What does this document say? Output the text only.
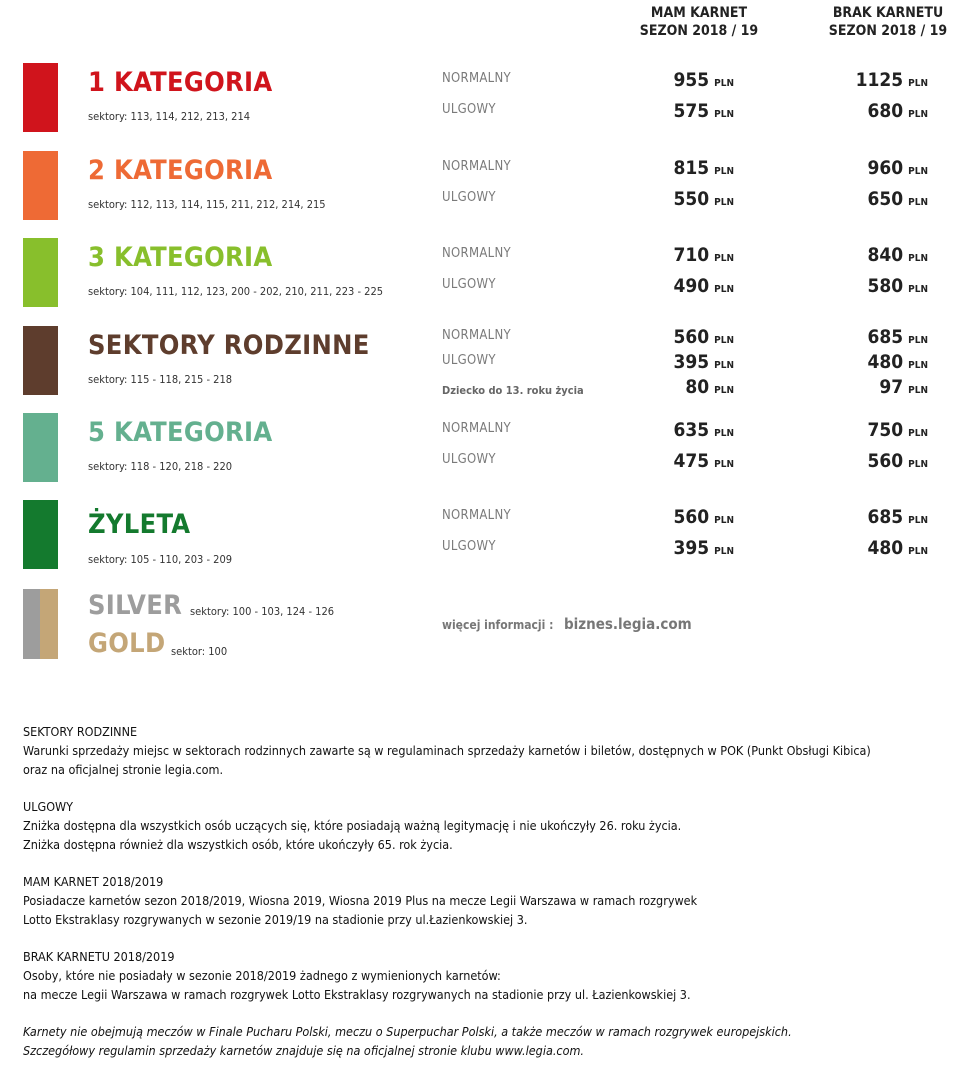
MAM KARNET
SEZON 2018 / 19
BRAK KARNETU
SEZON 2018 / 19
1 KATEGORIA
sektory: 113, 114, 212, 213, 214
NORMALNY	955 PLN	1125 PLN
ULGOWY	575 PLN	680 PLN
2 KATEGORIA
sektory: 112, 113, 114, 115, 211, 212, 214, 215
NORMALNY	815 PLN	960 PLN
ULGOWY	550 PLN	650 PLN
3 KATEGORIA
sektory: 104, 111, 112, 123, 200 - 202, 210, 211, 223 - 225
NORMALNY	710 PLN	840 PLN
ULGOWY	490 PLN	580 PLN
SEKTORY RODZINNE
sektory: 115 - 118, 215 - 218
NORMALNY	560 PLN	685 PLN
ULGOWY	395 PLN	480 PLN
Dziecko do 13. roku życia	80 PLN	97 PLN
5 KATEGORIA
sektory: 118 - 120, 218 - 220
NORMALNY	635 PLN	750 PLN
ULGOWY	475 PLN	560 PLN
ŻYLETA
sektory: 105 - 110, 203 - 209
NORMALNY	560 PLN	685 PLN
ULGOWY	395 PLN	480 PLN
SILVER sektory: 100 - 103, 124 - 126
GOLD sektor: 100
więcej informacji : biznes.legia.com

SEKTORY RODZINNE
Warunki sprzedaży miejsc w sektorach rodzinnych zawarte są w regulaminach sprzedaży karnetów i biletów, dostępnych w POK (Punkt Obsługi Kibica)
oraz na oficjalnej stronie legia.com.

ULGOWY
Zniżka dostępna dla wszystkich osób uczących się, które posiadają ważną legitymację i nie ukończyły 26. roku życia.
Zniżka dostępna również dla wszystkich osób, które ukończyły 65. rok życia.

MAM KARNET 2018/2019
Posiadacze karnetów sezon 2018/2019, Wiosna 2019, Wiosna 2019 Plus na mecze Legii Warszawa w ramach rozgrywek
Lotto Ekstraklasy rozgrywanych w sezonie 2019/19 na stadionie przy ul.Łazienkowskiej 3.

BRAK KARNETU 2018/2019
Osoby, które nie posiadały w sezonie 2018/2019 żadnego z wymienionych karnetów:
na mecze Legii Warszawa w ramach rozgrywek Lotto Ekstraklasy rozgrywanych na stadionie przy ul. Łazienkowskiej 3.

Karnety nie obejmują meczów w Finale Pucharu Polski, meczu o Superpuchar Polski, a także meczów w ramach rozgrywek europejskich.
Szczegółowy regulamin sprzedaży karnetów znajduje się na oficjalnej stronie klubu www.legia.com.
